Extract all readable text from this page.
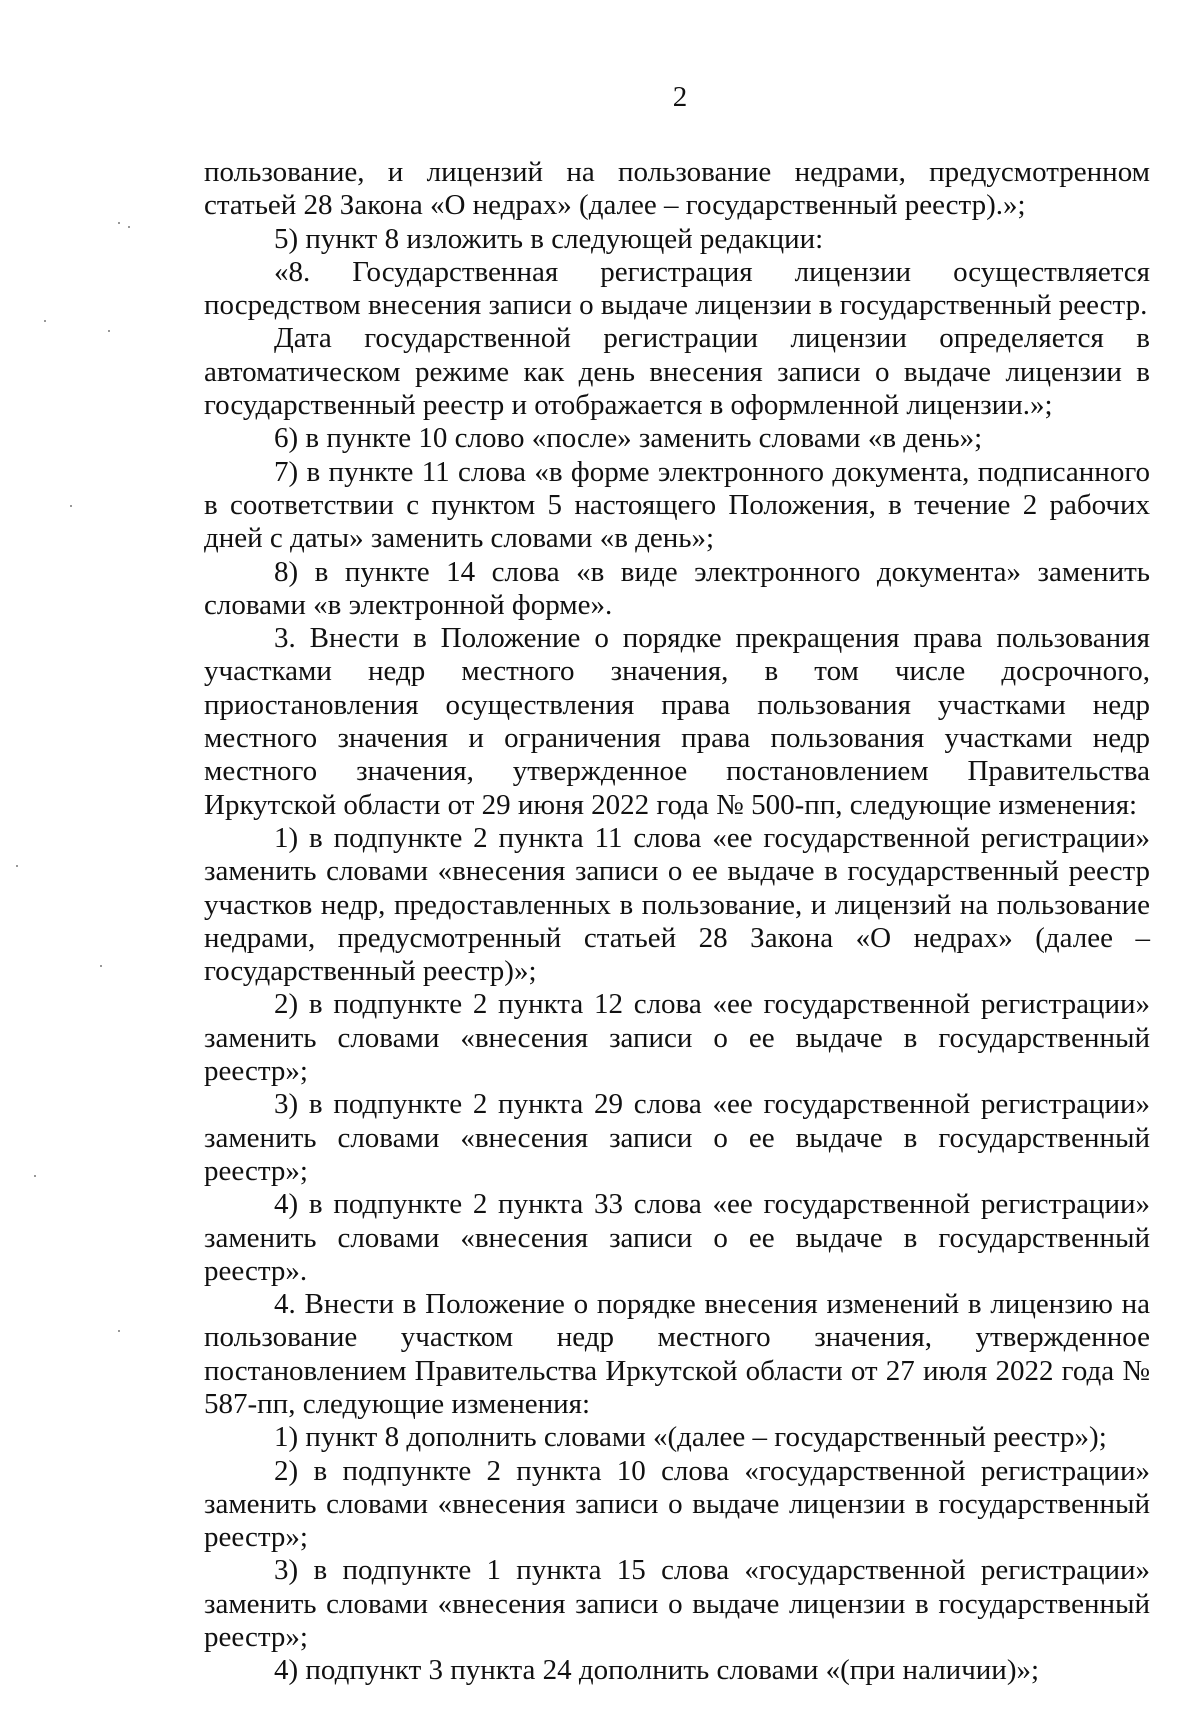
2

пользование, и лицензий на пользование недрами, предусмотренном статьей 28 Закона «О недрах» (далее – государственный реестр).»;

5) пункт 8 изложить в следующей редакции:

«8. Государственная регистрация лицензии осуществляется посредством внесения записи о выдаче лицензии в государственный реестр.

Дата государственной регистрации лицензии определяется в автоматическом режиме как день внесения записи о выдаче лицензии в государственный реестр и отображается в оформленной лицензии.»;

6) в пункте 10 слово «после» заменить словами «в день»;

7) в пункте 11 слова «в форме электронного документа, подписанного в соответствии с пунктом 5 настоящего Положения, в течение 2 рабочих дней с даты» заменить словами «в день»;

8) в пункте 14 слова «в виде электронного документа» заменить словами «в электронной форме».

3. Внести в Положение о порядке прекращения права пользования участками недр местного значения, в том числе досрочного, приостановления осуществления права пользования участками недр местного значения и ограничения права пользования участками недр местного значения, утвержденное постановлением Правительства Иркутской области от 29 июня 2022 года № 500-пп, следующие изменения:

1) в подпункте 2 пункта 11 слова «ее государственной регистрации» заменить словами «внесения записи о ее выдаче в государственный реестр участков недр, предоставленных в пользование, и лицензий на пользование недрами, предусмотренный статьей 28 Закона «О недрах» (далее – государственный реестр)»;

2) в подпункте 2 пункта 12 слова «ее государственной регистрации» заменить словами «внесения записи о ее выдаче в государственный реестр»;

3) в подпункте 2 пункта 29 слова «ее государственной регистрации» заменить словами «внесения записи о ее выдаче в государственный реестр»;

4) в подпункте 2 пункта 33 слова «ее государственной регистрации» заменить словами «внесения записи о ее выдаче в государственный реестр».

4. Внести в Положение о порядке внесения изменений в лицензию на пользование участком недр местного значения, утвержденное постановлением Правительства Иркутской области от 27 июля 2022 года № 587-пп, следующие изменения:

1) пункт 8 дополнить словами «(далее – государственный реестр»);

2) в подпункте 2 пункта 10 слова «государственной регистрации» заменить словами «внесения записи о выдаче лицензии в государственный реестр»;

3) в подпункте 1 пункта 15 слова «государственной регистрации» заменить словами «внесения записи о выдаче лицензии в государственный реестр»;

4) подпункт 3 пункта 24 дополнить словами «(при наличии)»;
